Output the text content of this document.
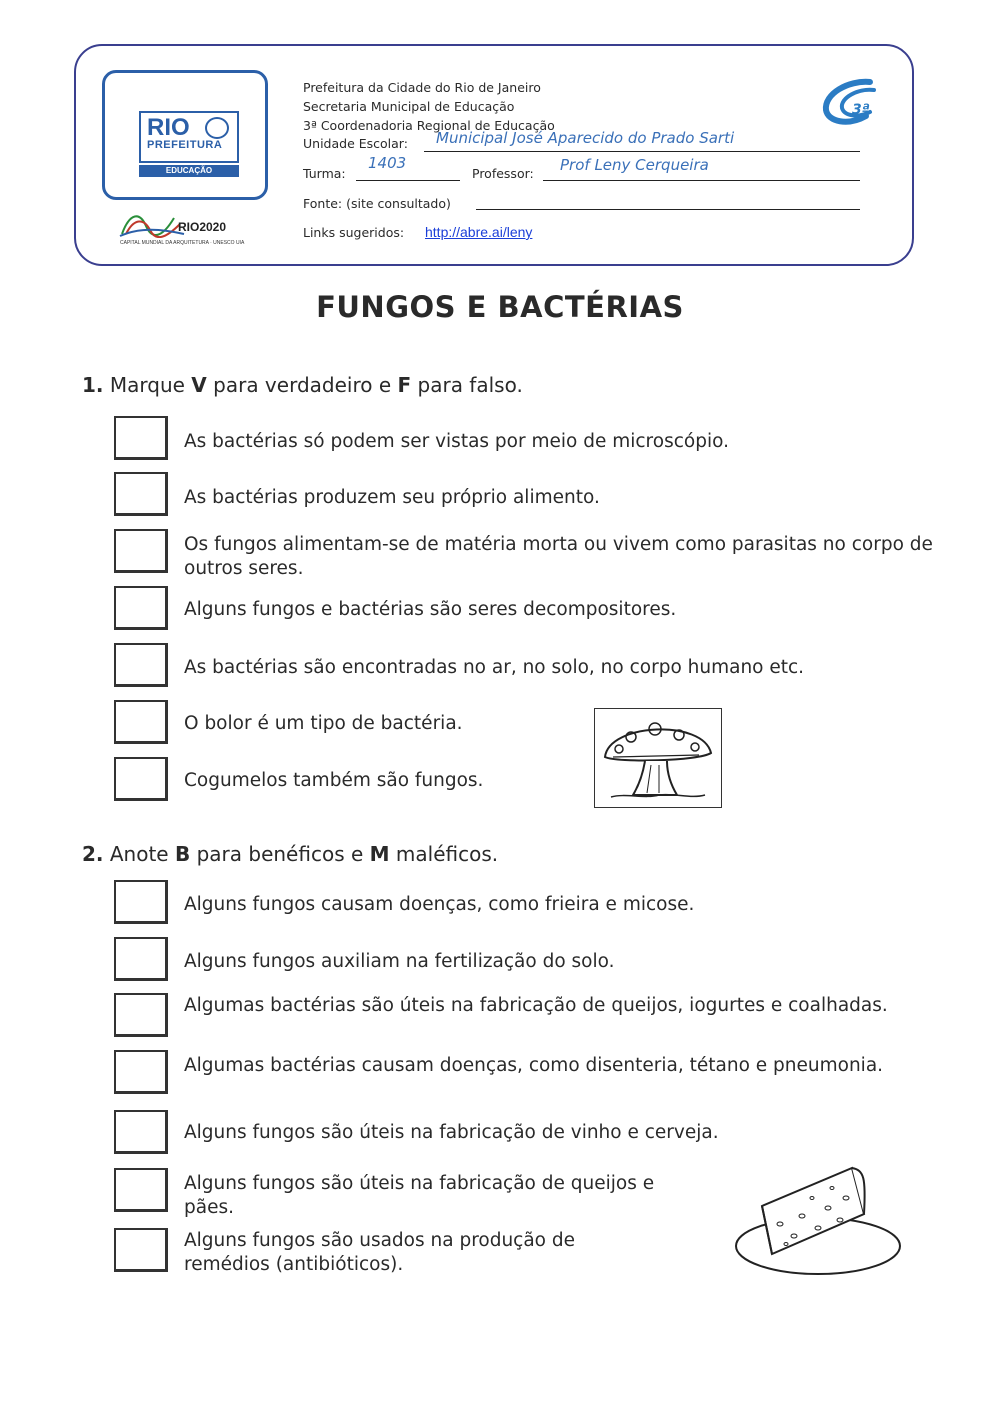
RIO
PREFEITURA
EDUCAÇÃO
RIO2020
CAPITAL MUNDIAL DA ARQUITETURA · UNESCO UIA
Prefeitura da Cidade do Rio de Janeiro
Secretaria Municipal de Educação
3ª Coordenadoria Regional de Educação
Unidade Escolar: Municipal José Aparecido do Prado Sarti
Turma:
1403
Professor: Prof Leny Cerqueira
Fonte: (site consultado)
Links sugeridos: http://abre.ai/leny
3ª
FUNGOS E BACTÉRIAS
1. Marque V para verdadeiro e F para falso.
As bactérias só podem ser vistas por meio de microscópio.
As bactérias produzem seu próprio alimento.
Os fungos alimentam-se de matéria morta ou vivem como parasitas no corpo de outros seres.
Alguns fungos e bactérias são seres decompositores.
As bactérias são encontradas no ar, no solo, no corpo humano etc.
O bolor é um tipo de bactéria.
Cogumelos também são fungos.
2. Anote B para benéficos e M maléficos.
Alguns fungos causam doenças, como frieira e micose.
Alguns fungos auxiliam na fertilização do solo.
Algumas bactérias são úteis na fabricação de queijos, iogurtes e coalhadas.
Algumas bactérias causam doenças, como disenteria, tétano e pneumonia.
Alguns fungos são úteis na fabricação de vinho e cerveja.
Alguns fungos são úteis na fabricação de queijos e pães.
Alguns fungos são usados na produção de remédios (antibióticos).
